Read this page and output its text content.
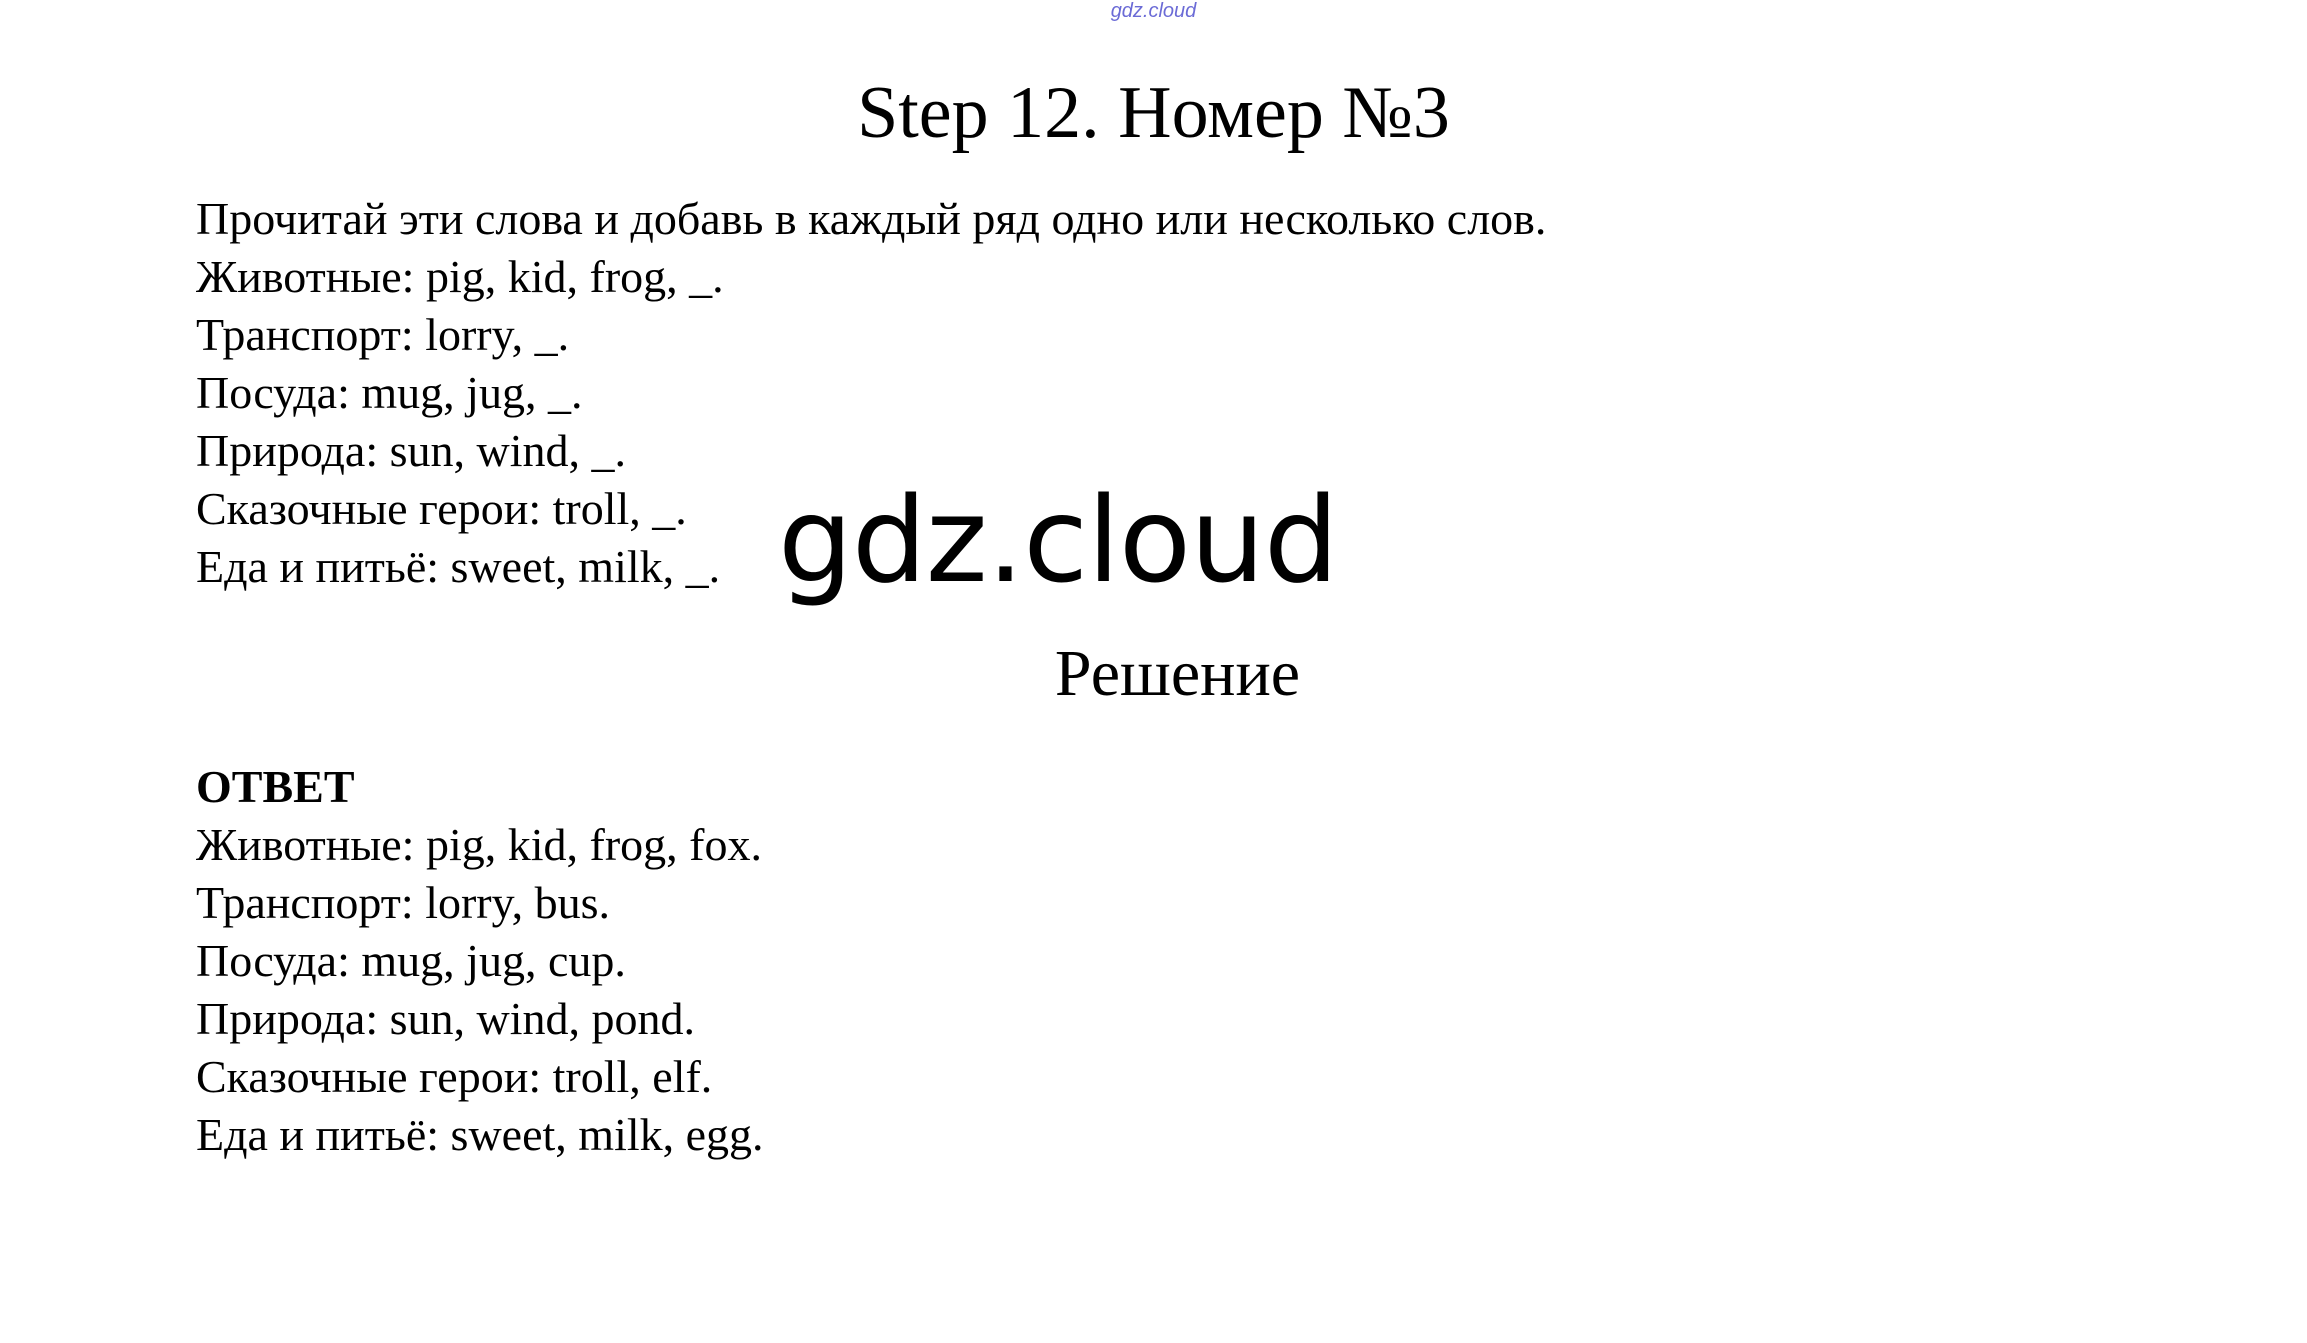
gdz.cloud
Step 12. Номер №3
Прочитай эти слова и добавь в каждый ряд одно или несколько слов.
Животные: pig, kid, frog, _.
Транспорт: lorry, _.
Посуда: mug, jug, _.
Природа: sun, wind, _.
Сказочные герои: troll, _.
Еда и питьё: sweet, milk, _. gdz.cloud
Решение
ОТВЕТ
Животные: pig, kid, frog, fox.
Транспорт: lorry, bus.
Посуда: mug, jug, cup.
Природа: sun, wind, pond.
Сказочные герои: troll, elf.
Еда и питьё: sweet, milk, egg.
